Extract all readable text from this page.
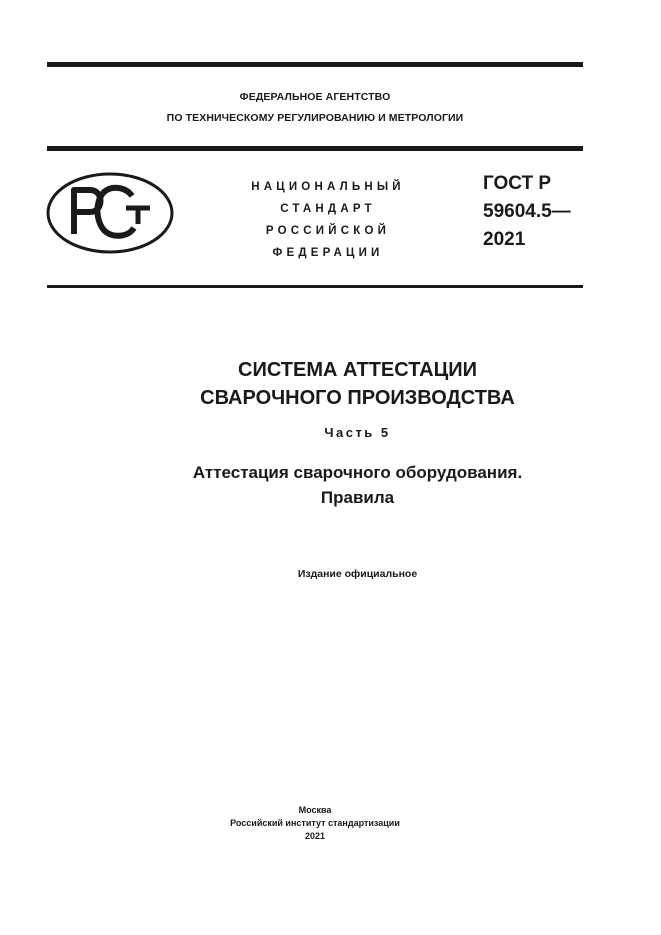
ФЕДЕРАЛЬНОЕ АГЕНТСТВО
ПО ТЕХНИЧЕСКОМУ РЕГУЛИРОВАНИЮ И МЕТРОЛОГИИ
НАЦИОНАЛЬНЫЙ
СТАНДАРТ
РОССИЙСКОЙ
ФЕДЕРАЦИИ
ГОСТ Р
59604.5—
2021
СИСТЕМА АТТЕСТАЦИИ
СВАРОЧНОГО ПРОИЗВОДСТВА
Часть 5
Аттестация сварочного оборудования.
Правила
Издание официальное
Москва
Российский институт стандартизации
2021
